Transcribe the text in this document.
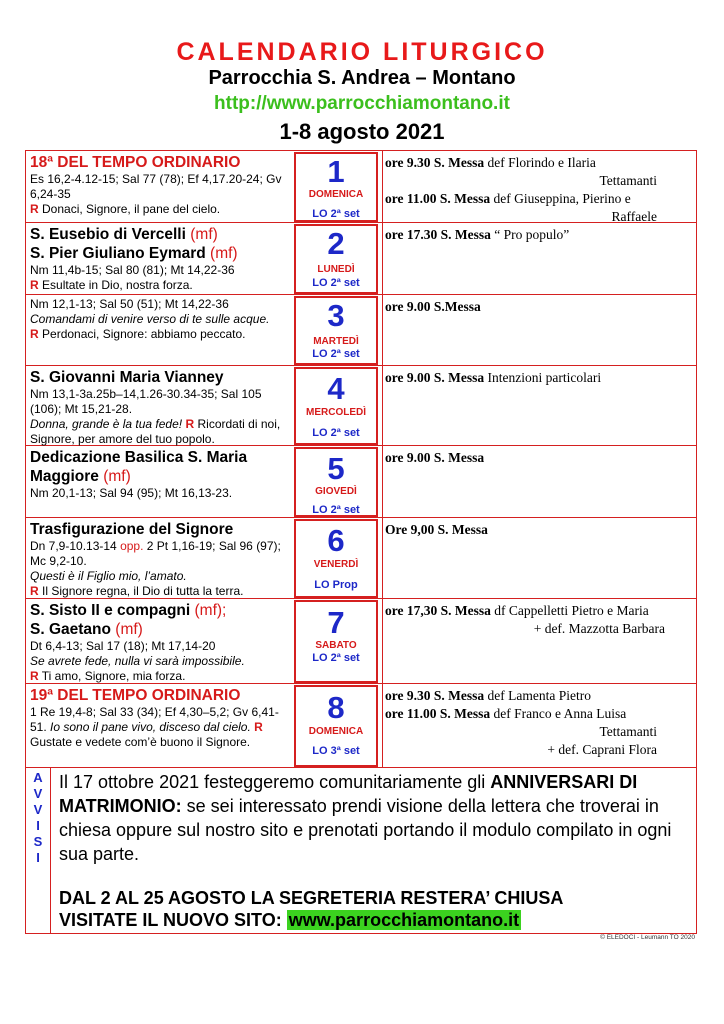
CALENDARIO LITURGICO
Parrocchia S. Andrea – Montano
http://www.parrocchiamontano.it
1-8 agosto 2021
18ª DEL TEMPO ORDINARIO
Es 16,2-4.12-15; Sal 77 (78); Ef 4,17.20-24; Gv 6,24-35
R Donaci, Signore, il pane del cielo.
1
DOMENICA
LO 2ª set
ore 9.30 S. Messa def Florindo e Ilaria
Tettamanti
ore 11.00 S. Messa def Giuseppina, Pierino e
Raffaele
S. Eusebio di Vercelli (mf)
S. Pier Giuliano Eymard (mf)
Nm 11,4b-15; Sal 80 (81); Mt 14,22-36
R Esultate in Dio, nostra forza.
2
LUNEDÌ
LO 2ª set
ore 17.30 S. Messa “ Pro populo”
Nm 12,1-13; Sal 50 (51); Mt 14,22-36
Comandami di venire verso di te sulle acque.
R Perdonaci, Signore: abbiamo peccato.
3
MARTEDÌ
LO 2ª set
ore 9.00 S.Messa
S. Giovanni Maria Vianney
Nm 13,1-3a.25b–14,1.26-30.34-35; Sal 105 (106); Mt 15,21-28.
Donna, grande è la tua fede! R Ricordati di noi, Signore, per amore del tuo popolo.
4
MERCOLEDÌ
LO 2ª set
ore 9.00 S. Messa Intenzioni particolari
Dedicazione Basilica S. Maria Maggiore (mf)
Nm 20,1-13; Sal 94 (95); Mt 16,13-23.
5
GIOVEDÌ
LO 2ª set
ore 9.00 S. Messa
Trasfigurazione del Signore
Dn 7,9-10.13-14 opp. 2 Pt 1,16-19; Sal 96 (97); Mc 9,2-10.
Questi è il Figlio mio, l’amato.
R Il Signore regna, il Dio di tutta la terra.
6
VENERDÌ
LO Prop
Ore 9,00 S. Messa
S. Sisto II e compagni (mf);
S. Gaetano (mf)
Dt 6,4-13; Sal 17 (18); Mt 17,14-20
Se avrete fede, nulla vi sarà impossibile.
R Ti amo, Signore, mia forza.
7
SABATO
LO 2ª set
ore 17,30 S. Messa df Cappelletti Pietro e Maria
+ def. Mazzotta Barbara
19ª DEL TEMPO ORDINARIO
1 Re 19,4-8; Sal 33 (34); Ef 4,30–5,2; Gv 6,41-51. Io sono il pane vivo, disceso dal cielo. R Gustate e vedete com’è buono il Signore.
8
DOMENICA
LO 3ª set
ore 9.30 S. Messa def Lamenta Pietro
ore 11.00 S. Messa def Franco e Anna Luisa
Tettamanti
+ def. Caprani Flora
A
V
V
I
S
I
Il 17 ottobre 2021 festeggeremo comunitariamente gli ANNIVERSARI DI MATRIMONIO: se sei interessato prendi visione della lettera che troverai in chiesa oppure sul nostro sito e prenotati portando il modulo compilato in ogni sua parte.
DAL 2 AL 25 AGOSTO LA SEGRETERIA RESTERA’ CHIUSA
VISITATE IL NUOVO SITO: www.parrocchiamontano.it
© ELEDOCI - Leumann TO 2020
